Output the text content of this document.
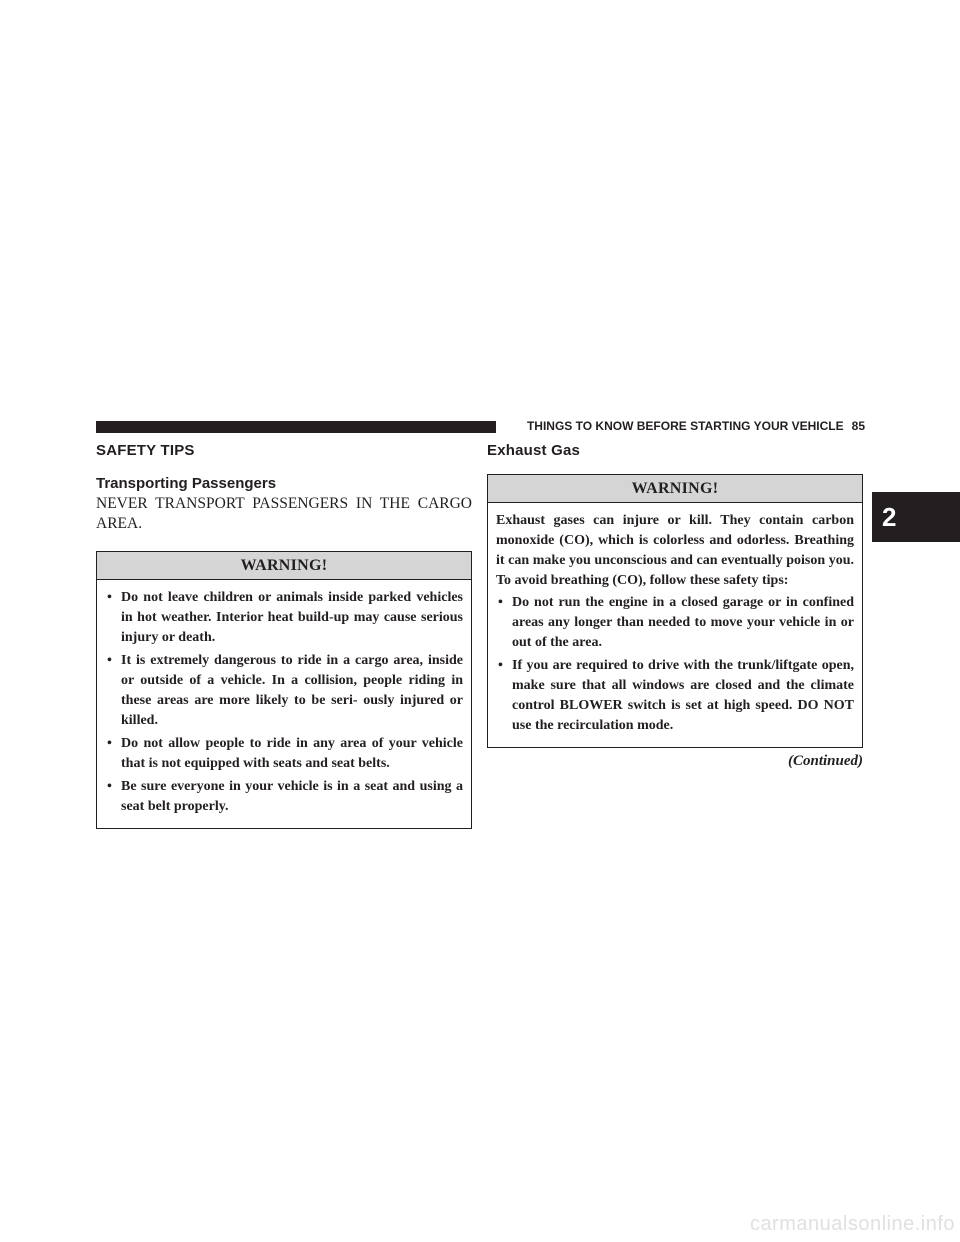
THINGS TO KNOW BEFORE STARTING YOUR VEHICLE 85
2
SAFETY TIPS
Transporting Passengers

NEVER TRANSPORT PASSENGERS IN THE CARGO AREA.

WARNING!
• Do not leave children or animals inside parked vehicles in hot weather. Interior heat build-up may cause serious injury or death.
• It is extremely dangerous to ride in a cargo area, inside or outside of a vehicle. In a collision, people riding in these areas are more likely to be seri- ously injured or killed.
• Do not allow people to ride in any area of your vehicle that is not equipped with seats and seat belts.
• Be sure everyone in your vehicle is in a seat and using a seat belt properly.
Exhaust Gas
WARNING!

Exhaust gases can injure or kill. They contain carbon monoxide (CO), which is colorless and odorless. Breathing it can make you unconscious and can eventually poison you. To avoid breathing (CO), follow these safety tips:

• Do not run the engine in a closed garage or in confined areas any longer than needed to move your vehicle in or out of the area.
• If you are required to drive with the trunk/liftgate open, make sure that all windows are closed and the climate control BLOWER switch is set at high speed. DO NOT use the recirculation mode.
(Continued)
carmanualsonline.info
